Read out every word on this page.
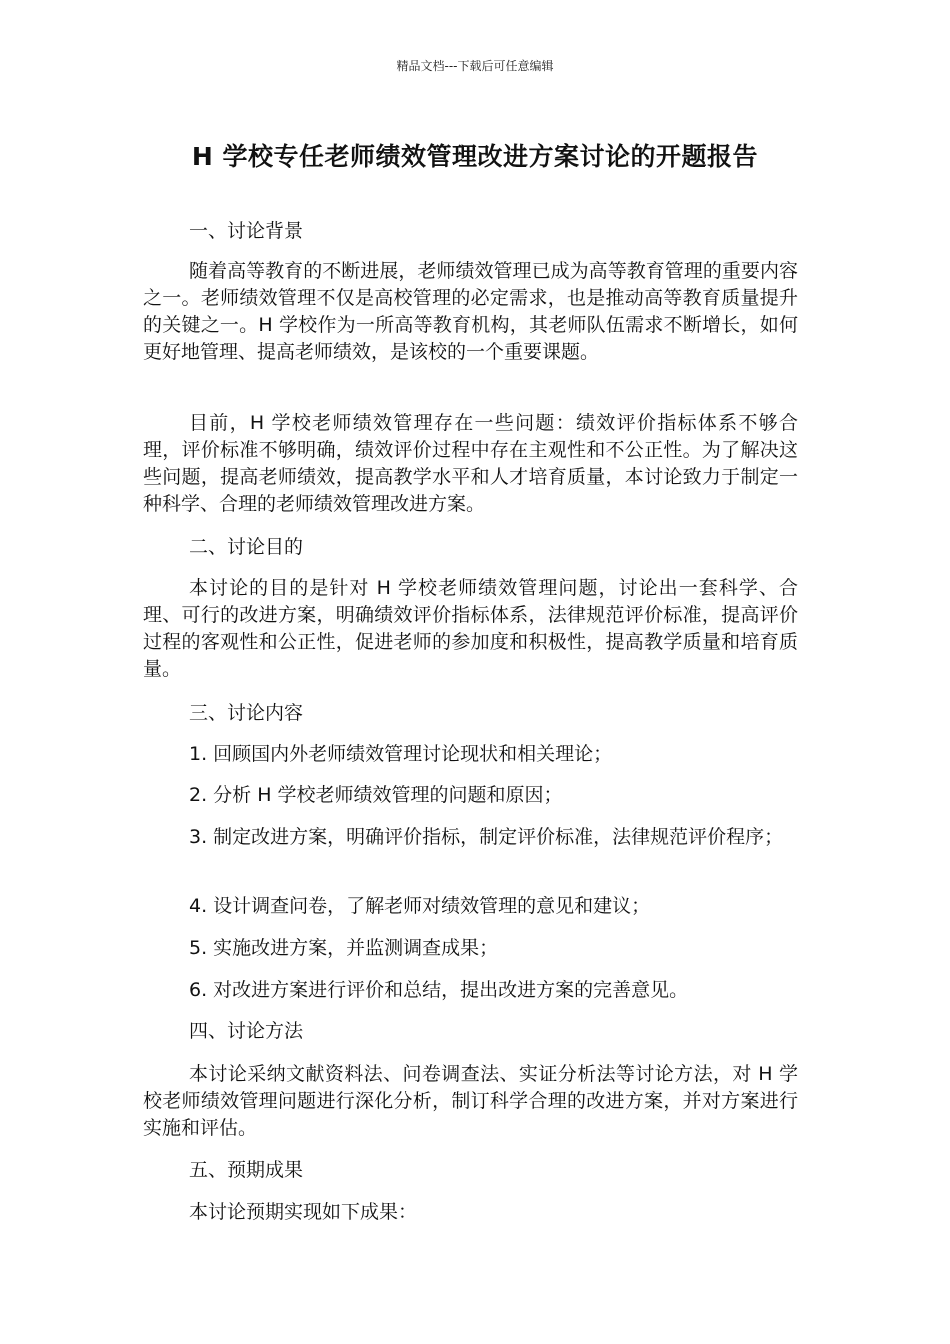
精品文档---下载后可任意编辑
H 学校专任老师绩效管理改进方案讨论的开题报告

一、讨论背景

随着高等教育的不断进展，老师绩效管理已成为高等教育管理的重要内容之一。老师绩效管理不仅是高校管理的必定需求，也是推动高等教育质量提升的关键之一。H 学校作为一所高等教育机构，其老师队伍需求不断增长，如何更好地管理、提高老师绩效，是该校的一个重要课题。

目前，H 学校老师绩效管理存在一些问题：绩效评价指标体系不够合理，评价标准不够明确，绩效评价过程中存在主观性和不公正性。为了解决这些问题，提高老师绩效，提高教学水平和人才培育质量，本讨论致力于制定一种科学、合理的老师绩效管理改进方案。

二、讨论目的

本讨论的目的是针对 H 学校老师绩效管理问题，讨论出一套科学、合理、可行的改进方案，明确绩效评价指标体系，法律规范评价标准，提高评价过程的客观性和公正性，促进老师的参加度和积极性，提高教学质量和培育质量。

三、讨论内容

1. 回顾国内外老师绩效管理讨论现状和相关理论；

2. 分析 H 学校老师绩效管理的问题和原因；

3. 制定改进方案，明确评价指标，制定评价标准，法律规范评价程序；

4. 设计调查问卷，了解老师对绩效管理的意见和建议；

5. 实施改进方案，并监测调查成果；

6. 对改进方案进行评价和总结，提出改进方案的完善意见。

四、讨论方法

本讨论采纳文献资料法、问卷调查法、实证分析法等讨论方法，对 H 学校老师绩效管理问题进行深化分析，制订科学合理的改进方案，并对方案进行实施和评估。

五、预期成果

本讨论预期实现如下成果：
